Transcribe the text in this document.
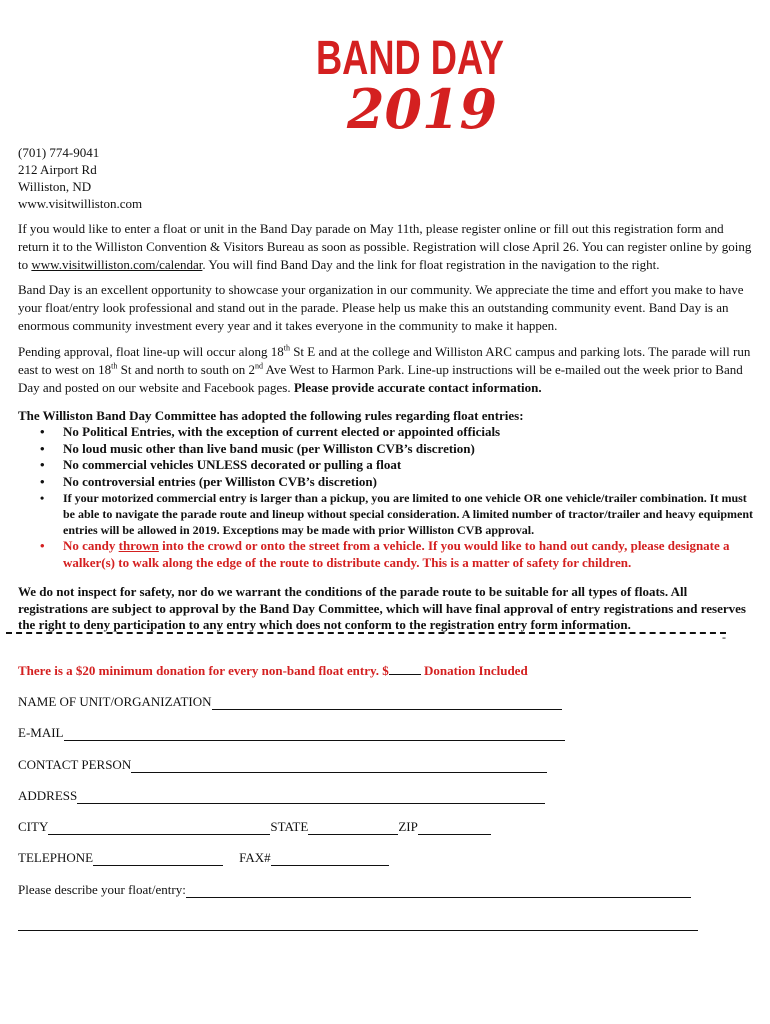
BAND DAY
2019
(701) 774-9041
212 Airport Rd
Williston, ND
www.visitwilliston.com
If you would like to enter a float or unit in the Band Day parade on May 11th, please register online or fill out this registration form and return it to the Williston Convention & Visitors Bureau as soon as possible. Registration will close April 26. You can register online by going to www.visitwilliston.com/calendar. You will find Band Day and the link for float registration in the navigation to the right.
Band Day is an excellent opportunity to showcase your organization in our community. We appreciate the time and effort you make to have your float/entry look professional and stand out in the parade. Please help us make this an outstanding community event. Band Day is an enormous community investment every year and it takes everyone in the community to make it happen.
Pending approval, float line-up will occur along 18th St E and at the college and Williston ARC campus and parking lots. The parade will run east to west on 18th St and north to south on 2nd Ave West to Harmon Park. Line-up instructions will be e-mailed out the week prior to Band Day and posted on our website and Facebook pages. Please provide accurate contact information.
The Williston Band Day Committee has adopted the following rules regarding float entries:
• No Political Entries, with the exception of current elected or appointed officials
• No loud music other than live band music (per Williston CVB’s discretion)
• No commercial vehicles UNLESS decorated or pulling a float
• No controversial entries (per Williston CVB’s discretion)
• If your motorized commercial entry is larger than a pickup, you are limited to one vehicle OR one vehicle/trailer combination. It must be able to navigate the parade route and lineup without special consideration. A limited number of tractor/trailer and heavy equipment entries will be allowed in 2019. Exceptions may be made with prior Williston CVB approval.
• No candy thrown into the crowd or onto the street from a vehicle. If you would like to hand out candy, please designate a walker(s) to walk along the edge of the route to distribute candy. This is a matter of safety for children.
We do not inspect for safety, nor do we warrant the conditions of the parade route to be suitable for all types of floats. All registrations are subject to approval by the Band Day Committee, which will have final approval of entry registrations and reserves the right to deny participation to any entry which does not conform to the registration entry form information.
-
There is a $20 minimum donation for every non-band float entry. $ Donation Included
NAME OF UNIT/ORGANIZATION
E-MAIL
CONTACT PERSON
ADDRESS
CITY	STATE	ZIP
TELEPHONE	FAX#
Please describe your float/entry:
